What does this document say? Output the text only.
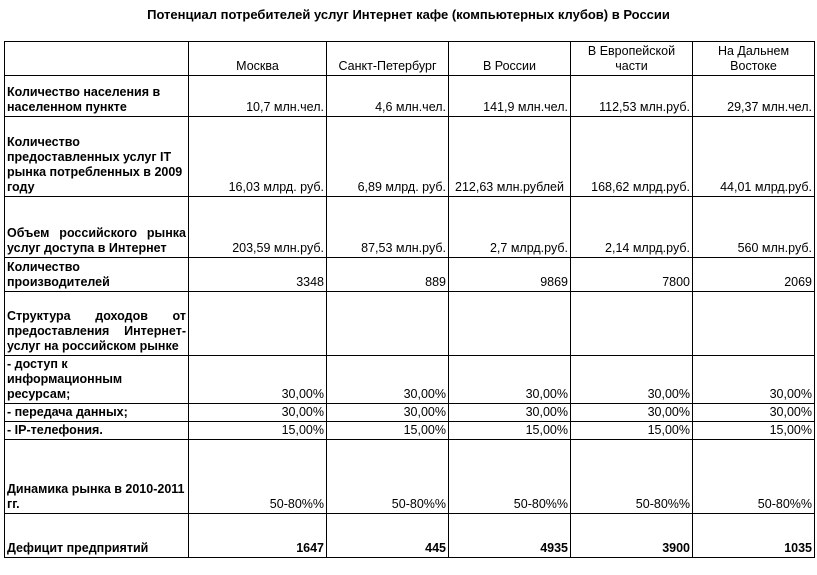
Потенциал потребителей услуг Интернет кафе (компьютерных клубов) в России
	Москва	Санкт-Петербург	В России	В Европейской части	На Дальнем Востоке
Количество населения в населенном пункте	10,7 млн.чел.	4,6 млн.чел.	141,9 млн.чел.	112,53 млн.руб.	29,37 млн.чел.
Количество предоставленных услуг IT рынка потребленных в 2009 году	16,03 млрд. руб.	6,89 млрд. руб.	212,63 млн.рублей	168,62 млрд.руб.	44,01 млрд.руб.
Объем российского рынка услуг доступа в Интернет	203,59 млн.руб.	87,53 млн.руб.	2,7 млрд.руб.	2,14 млрд.руб.	560 млн.руб.
Количество производителей	3348	889	9869	7800	2069
Структура доходов от предоставления Интернет-услуг на российском рынке					
- доступ к информационным ресурсам;	30,00%	30,00%	30,00%	30,00%	30,00%
- передача данных;	30,00%	30,00%	30,00%	30,00%	30,00%
- IP-телефония.	15,00%	15,00%	15,00%	15,00%	15,00%
Динамика рынка в 2010-2011 гг.	50-80%%	50-80%%	50-80%%	50-80%%	50-80%%
Дефицит предприятий	1647	445	4935	3900	1035
